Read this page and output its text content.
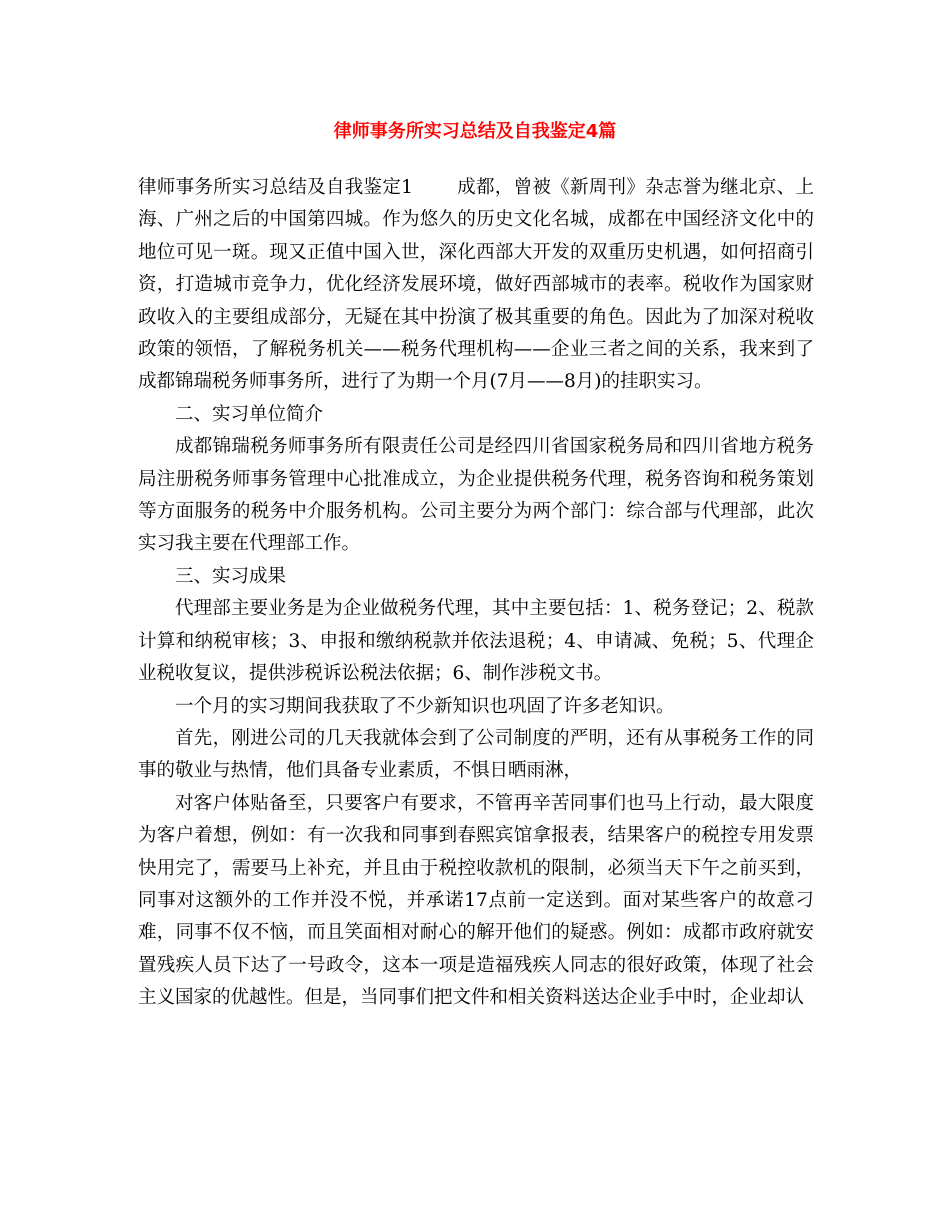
律师事务所实习总结及自我鉴定4篇

律师事务所实习总结及自我鉴定1 成都，曾被《新周刊》杂志誉为继北京、上海、广州之后的中国第四城。作为悠久的历史文化名城，成都在中国经济文化中的地位可见一斑。现又正值中国入世，深化西部大开发的双重历史机遇，如何招商引资，打造城市竞争力，优化经济发展环境，做好西部城市的表率。税收作为国家财政收入的主要组成部分，无疑在其中扮演了极其重要的角色。因此为了加深对税收政策的领悟，了解税务机关——税务代理机构——企业三者之间的关系，我来到了成都锦瑞税务师事务所，进行了为期一个月(7月——8月)的挂职实习。

二、实习单位简介

成都锦瑞税务师事务所有限责任公司是经四川省国家税务局和四川省地方税务局注册税务师事务管理中心批准成立，为企业提供税务代理，税务咨询和税务策划等方面服务的税务中介服务机构。公司主要分为两个部门：综合部与代理部，此次实习我主要在代理部工作。

三、实习成果

代理部主要业务是为企业做税务代理，其中主要包括：1、税务登记；2、税款计算和纳税审核；3、申报和缴纳税款并依法退税；4、申请减、免税；5、代理企业税收复议，提供涉税诉讼税法依据；6、制作涉税文书。

一个月的实习期间我获取了不少新知识也巩固了许多老知识。

首先，刚进公司的几天我就体会到了公司制度的严明，还有从事税务工作的同事的敬业与热情，他们具备专业素质，不惧日晒雨淋，

对客户体贴备至，只要客户有要求，不管再辛苦同事们也马上行动，最大限度为客户着想，例如：有一次我和同事到春熙宾馆拿报表，结果客户的税控专用发票快用完了，需要马上补充，并且由于税控收款机的限制，必须当天下午之前买到，同事对这额外的工作并没不悦，并承诺17点前一定送到。面对某些客户的故意刁难，同事不仅不恼，而且笑面相对耐心的解开他们的疑惑。例如：成都市政府就安置残疾人员下达了一号政令，这本一项是造福残疾人同志的很好政策，体现了社会主义国家的优越性。但是，当同事们把文件和相关资料送达企业手中时，企业却认
